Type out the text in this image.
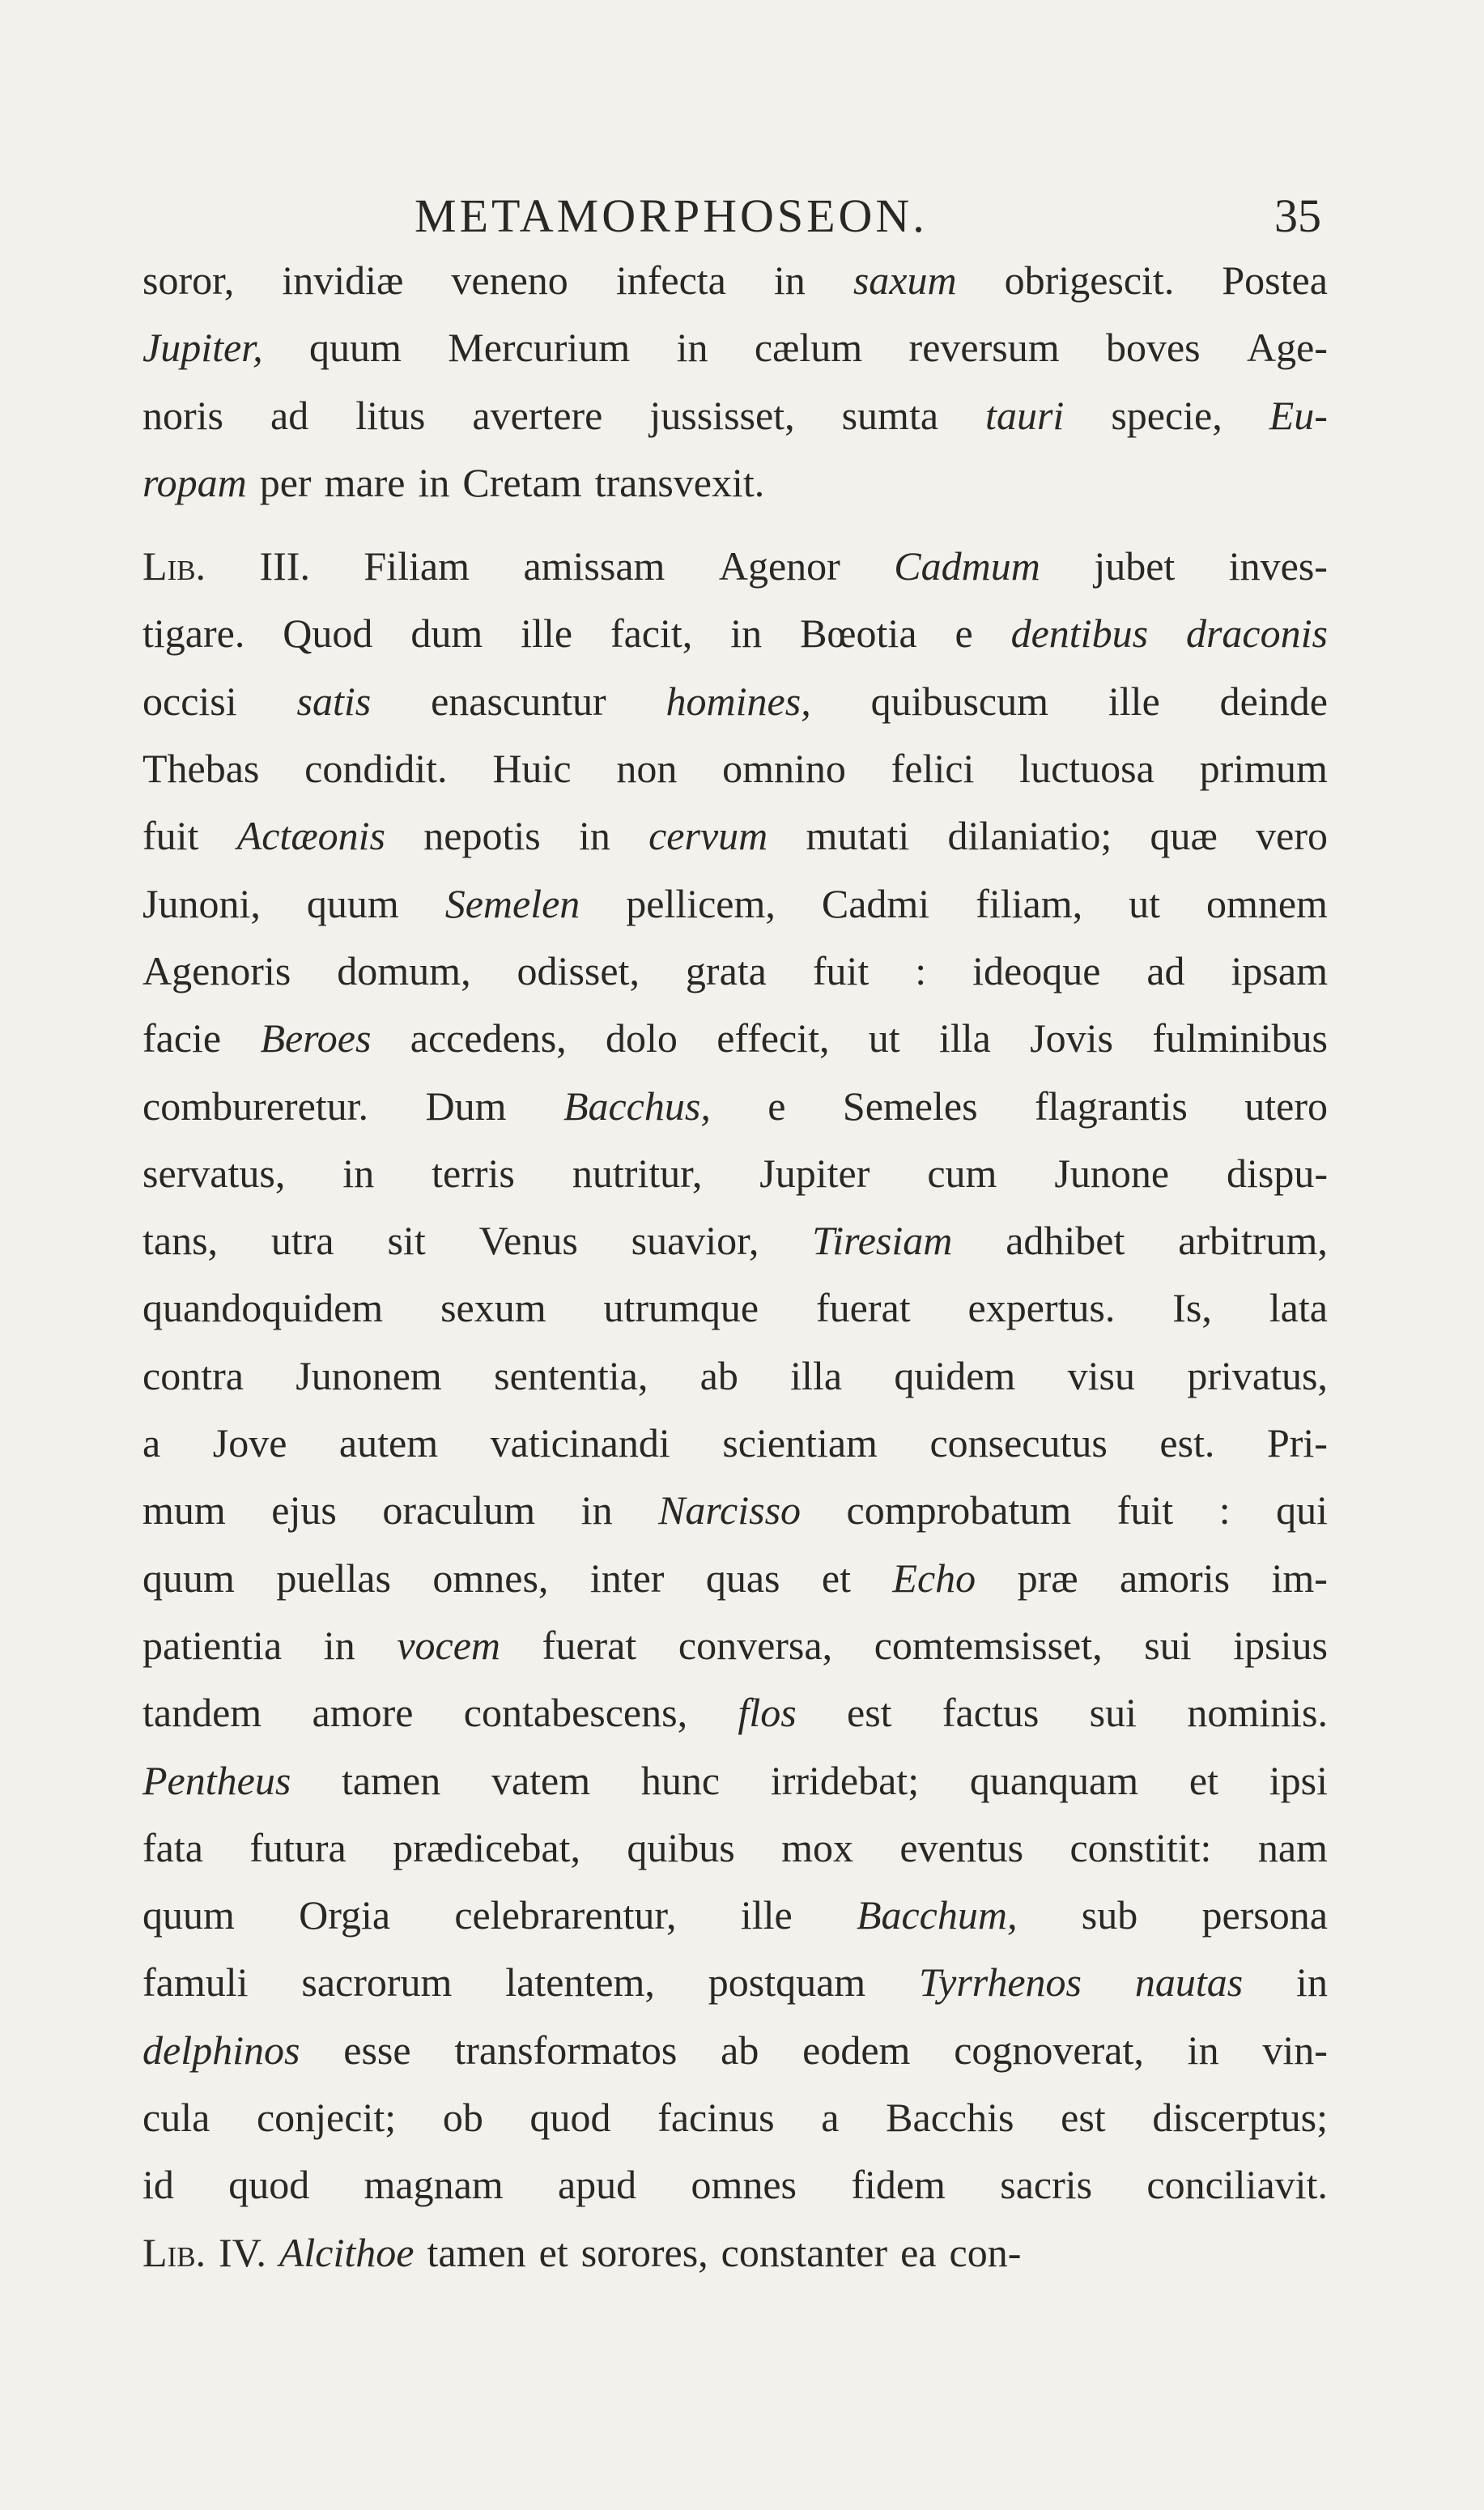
METAMORPHOSEON.	35
soror, invidiæ veneno infecta in saxum obrigescit. Postea
Jupiter, quum Mercurium in cælum reversum boves Age-
noris ad litus avertere jussisset, sumta tauri specie, Eu-
ropam per mare in Cretam transvexit.
Lib. III. Filiam amissam Agenor Cadmum jubet inves-
tigare. Quod dum ille facit, in Bœotia e dentibus draconis
occisi satis enascuntur homines, quibuscum ille deinde
Thebas condidit. Huic non omnino felici luctuosa primum
fuit Actæonis nepotis in cervum mutati dilaniatio; quæ vero
Junoni, quum Semelen pellicem, Cadmi filiam, ut omnem
Agenoris domum, odisset, grata fuit : ideoque ad ipsam
facie Beroes accedens, dolo effecit, ut illa Jovis fulminibus
combureretur. Dum Bacchus, e Semeles flagrantis utero
servatus, in terris nutritur, Jupiter cum Junone dispu-
tans, utra sit Venus suavior, Tiresiam adhibet arbitrum,
quandoquidem sexum utrumque fuerat expertus. Is, lata
contra Junonem sententia, ab illa quidem visu privatus,
a Jove autem vaticinandi scientiam consecutus est. Pri-
mum ejus oraculum in Narcisso comprobatum fuit : qui
quum puellas omnes, inter quas et Echo præ amoris im-
patientia in vocem fuerat conversa, comtemsisset, sui ipsius
tandem amore contabescens, flos est factus sui nominis.
Pentheus tamen vatem hunc irridebat; quanquam et ipsi
fata futura prædicebat, quibus mox eventus constitit: nam
quum Orgia celebrarentur, ille Bacchum, sub persona
famuli sacrorum latentem, postquam Tyrrhenos nautas in
delphinos esse transformatos ab eodem cognoverat, in vin-
cula conjecit; ob quod facinus a Bacchis est discerptus;
id quod magnam apud omnes fidem sacris conciliavit.
Lib. IV. Alcithoe tamen et sorores, constanter ea con-
